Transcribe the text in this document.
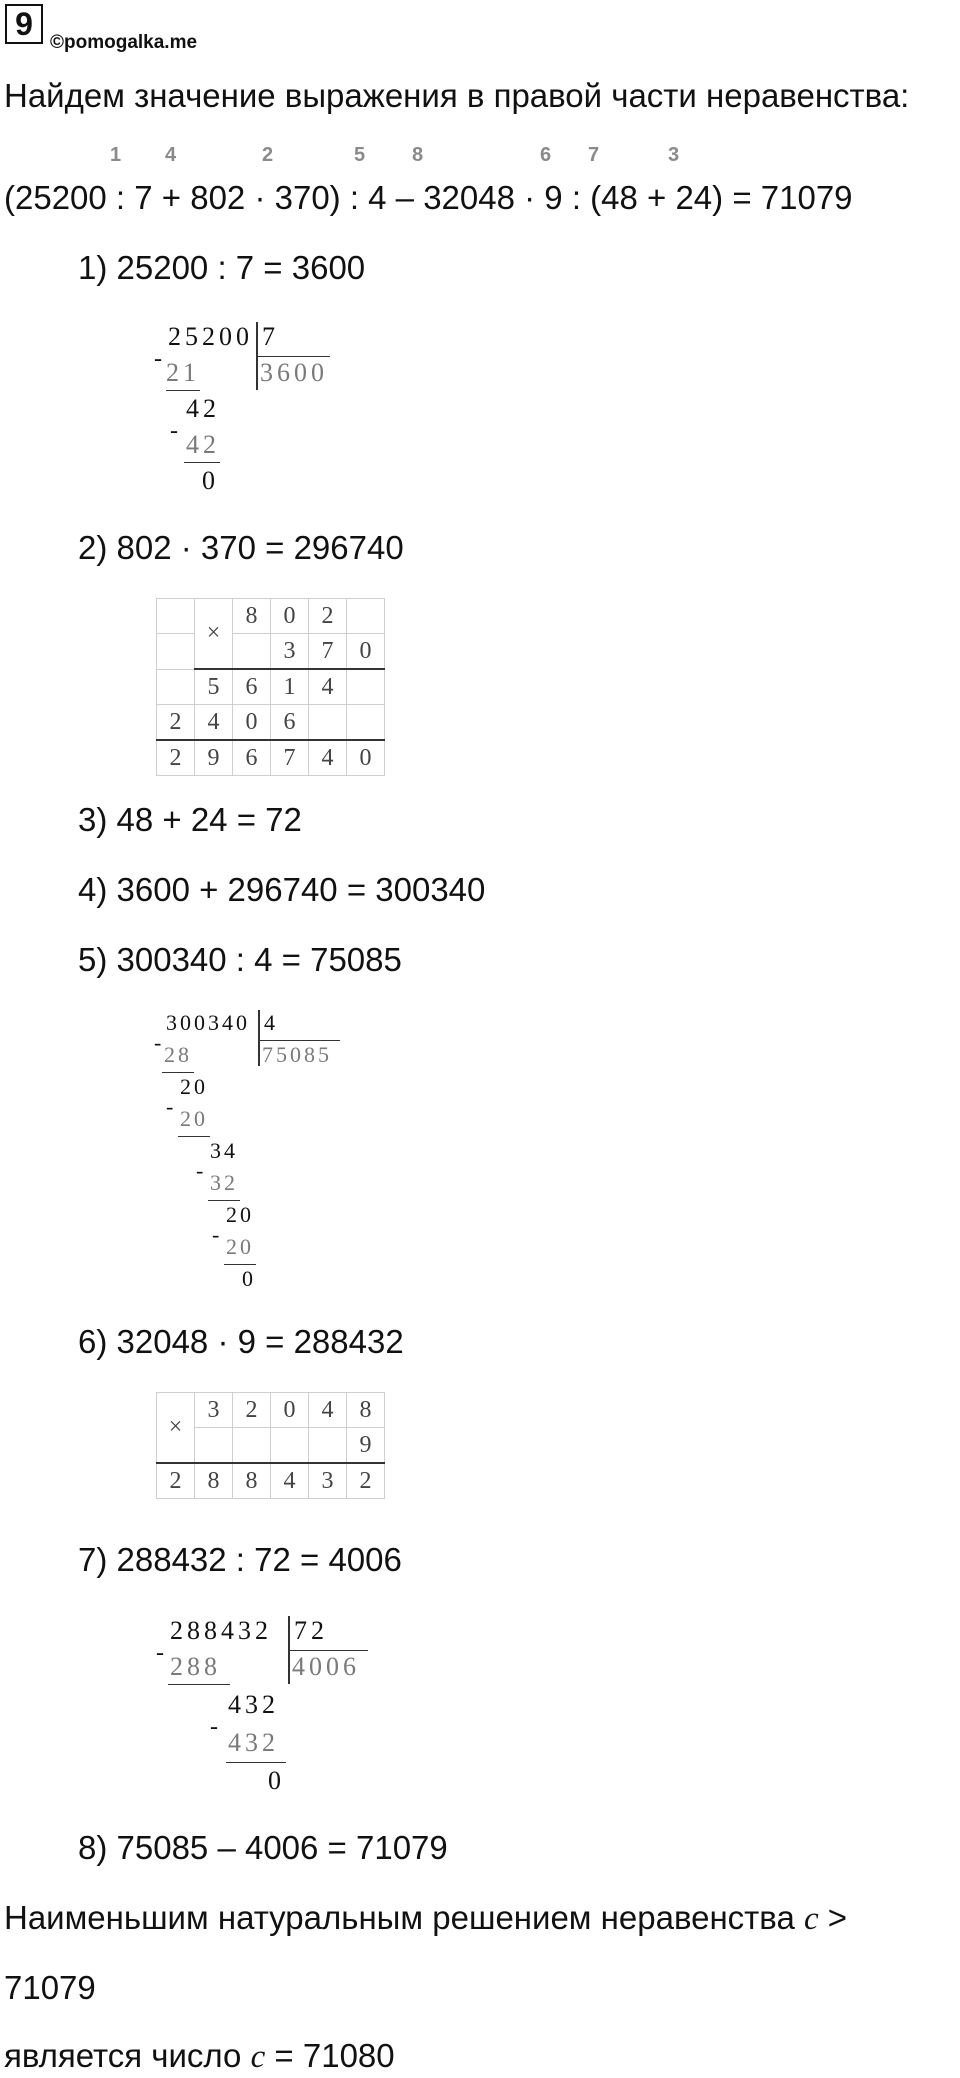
9
©pomogalka.me
Найдем значение выражения в правой части неравенства:
1 4	2	5 8	6 7	3
(25200 : 7 + 802 · 370) : 4 – 32048 · 9 : (48 + 24) = 71079
1) 25200 : 7 = 3600
25200 7
3600
- 21
42
- 42
0
2) 802 · 370 = 296740
	×	8	0	2	
			3	7	0
	5	6	1	4	
2	4	0	6		
2	9	6	7	4	0
3) 48 + 24 = 72
4) 3600 + 296740 = 300340
5) 300340 : 4 = 75085
300340 4
75085
- 28
20
- 20
34
- 32
20
- 20
0
6) 32048 · 9 = 288432
×	3	2	0	4	8
					9
2	8	8	4	3	2
7) 288432 : 72 = 4006
288432 72
4006
- 288
432
-
432
0
8) 75085 – 4006 = 71079
Наименьшим натуральным решением неравенства c >
71079
является число c = 71080
